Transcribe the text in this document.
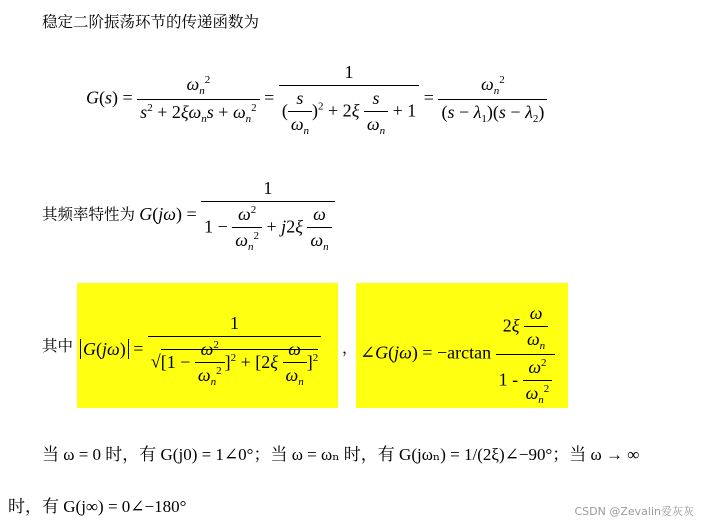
稳定二阶振荡环节的传递函数为
$G(s) = \frac{\omega_n^2}{s^2 + 2\xi\omega_ns + \omega_n^2} = \frac{1}{( \frac{s}{\omega_n} )^2 + 2\xi \frac{s}{\omega_n} + 1} = \frac{\omega_n^2}{(s - \lambda_1)(s - \lambda_2)}$
其频率特性为 $G(j\omega) = \frac{1}{1 - \frac{\omega^2}{\omega_n^2} + j2\xi \frac{\omega}{\omega_n}}$
其中 $G(j\omega) = \frac{1}{√[1 - \frac{\omega^2}{\omega_n^2} ]^2 + [2\xi \frac{\omega}{\omega_n} ]^2}$ ， ∠G(jω) = $-\arctan \frac{2\xi \frac{\omega}{\omega_n}}{1 - \frac{\omega^2}{\omega_n^2}}$
当 ω = 0 时，有 G(j0) = 1∠0°；当 ω = ωₙ 时，有 G(jωₙ) = 1/(2ξ)∠−90°；当 ω → ∞
时，有 G(j∞) = 0∠−180°	CSDN @Zevalin爱灰灰
